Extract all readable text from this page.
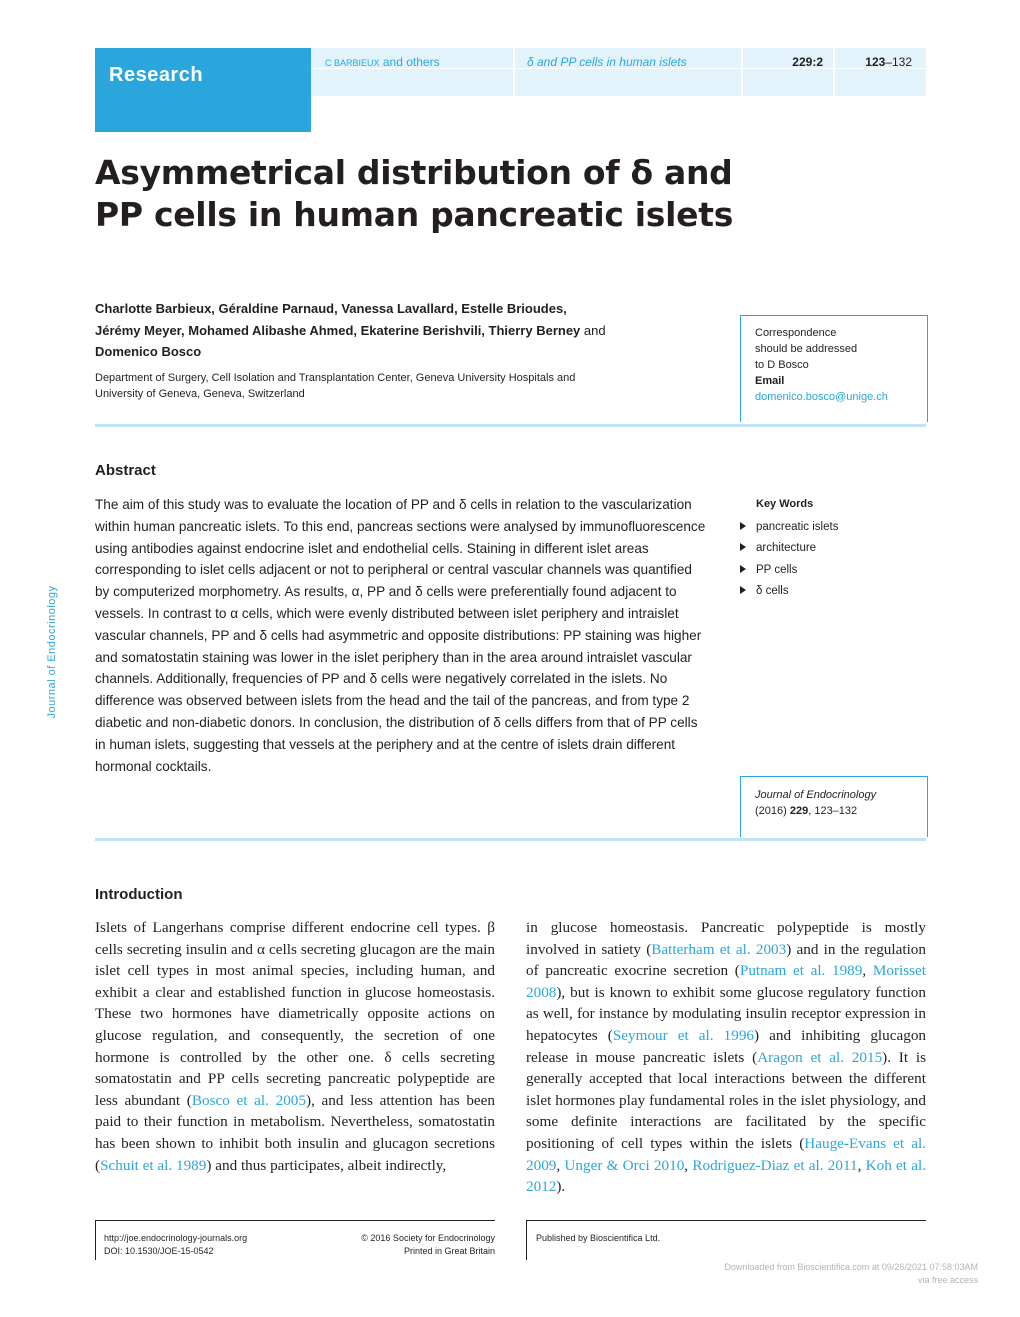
Research
C BARBIEUX and others	δ and PP cells in human islets	229:2	123–132
Asymmetrical distribution of δ and PP cells in human pancreatic islets
Charlotte Barbieux, Géraldine Parnaud, Vanessa Lavallard, Estelle Brioudes,
Jérémy Meyer, Mohamed Alibashe Ahmed, Ekaterine Berishvili, Thierry Berney and
Domenico Bosco
Department of Surgery, Cell Isolation and Transplantation Center, Geneva University Hospitals and
University of Geneva, Geneva, Switzerland
Correspondence
should be addressed
to D Bosco
Email
domenico.bosco@unige.ch
Abstract
The aim of this study was to evaluate the location of PP and δ cells in relation to the vascularization within human pancreatic islets. To this end, pancreas sections were analysed by immunofluorescence using antibodies against endocrine islet and endothelial cells. Staining in different islet areas corresponding to islet cells adjacent or not to peripheral or central vascular channels was quantified by computerized morphometry. As results, α, PP and δ cells were preferentially found adjacent to vessels. In contrast to α cells, which were evenly distributed between islet periphery and intraislet vascular channels, PP and δ cells had asymmetric and opposite distributions: PP staining was higher and somatostatin staining was lower in the islet periphery than in the area around intraislet vascular channels. Additionally, frequencies of PP and δ cells were negatively correlated in the islets. No difference was observed between islets from the head and the tail of the pancreas, and from type 2 diabetic and non-diabetic donors. In conclusion, the distribution of δ cells differs from that of PP cells in human islets, suggesting that vessels at the periphery and at the centre of islets drain different hormonal cocktails.
Key Words
pancreatic islets
architecture
PP cells
δ cells
Journal of Endocrinology
Journal of Endocrinology
(2016) 229, 123–132
Introduction

Islets of Langerhans comprise different endocrine cell types. β cells secreting insulin and α cells secreting glucagon are the main islet cell types in most animal species, including human, and exhibit a clear and established function in glucose homeostasis. These two hormones have diametrically opposite actions on glucose regulation, and consequently, the secretion of one hormone is controlled by the other one. δ cells secreting somatostatin and PP cells secreting pancreatic polypeptide are less abundant (Bosco et al. 2005), and less attention has been paid to their function in metabolism. Nevertheless, somatostatin has been shown to inhibit both insulin and glucagon secretions (Schuit et al. 1989) and thus participates, albeit indirectly,

in glucose homeostasis. Pancreatic polypeptide is mostly involved in satiety (Batterham et al. 2003) and in the regulation of pancreatic exocrine secretion (Putnam et al. 1989, Morisset 2008), but is known to exhibit some glucose regulatory function as well, for instance by modulating insulin receptor expression in hepatocytes (Seymour et al. 1996) and inhibiting glucagon release in mouse pancreatic islets (Aragon et al. 2015). It is generally accepted that local interactions between the different islet hormones play fundamental roles in the islet physiology, and some definite interactions are facilitated by the specific positioning of cell types within the islets (Hauge-Evans et al. 2009, Unger & Orci 2010, Rodriguez-Diaz et al. 2011, Koh et al. 2012).

http://joe.endocrinology-journals.org
DOI: 10.1530/JOE-15-0542
© 2016 Society for Endocrinology
Printed in Great Britain
Published by Bioscientifica Ltd.
Downloaded from Bioscientifica.com at 09/26/2021 07:58:03AM
via free access
